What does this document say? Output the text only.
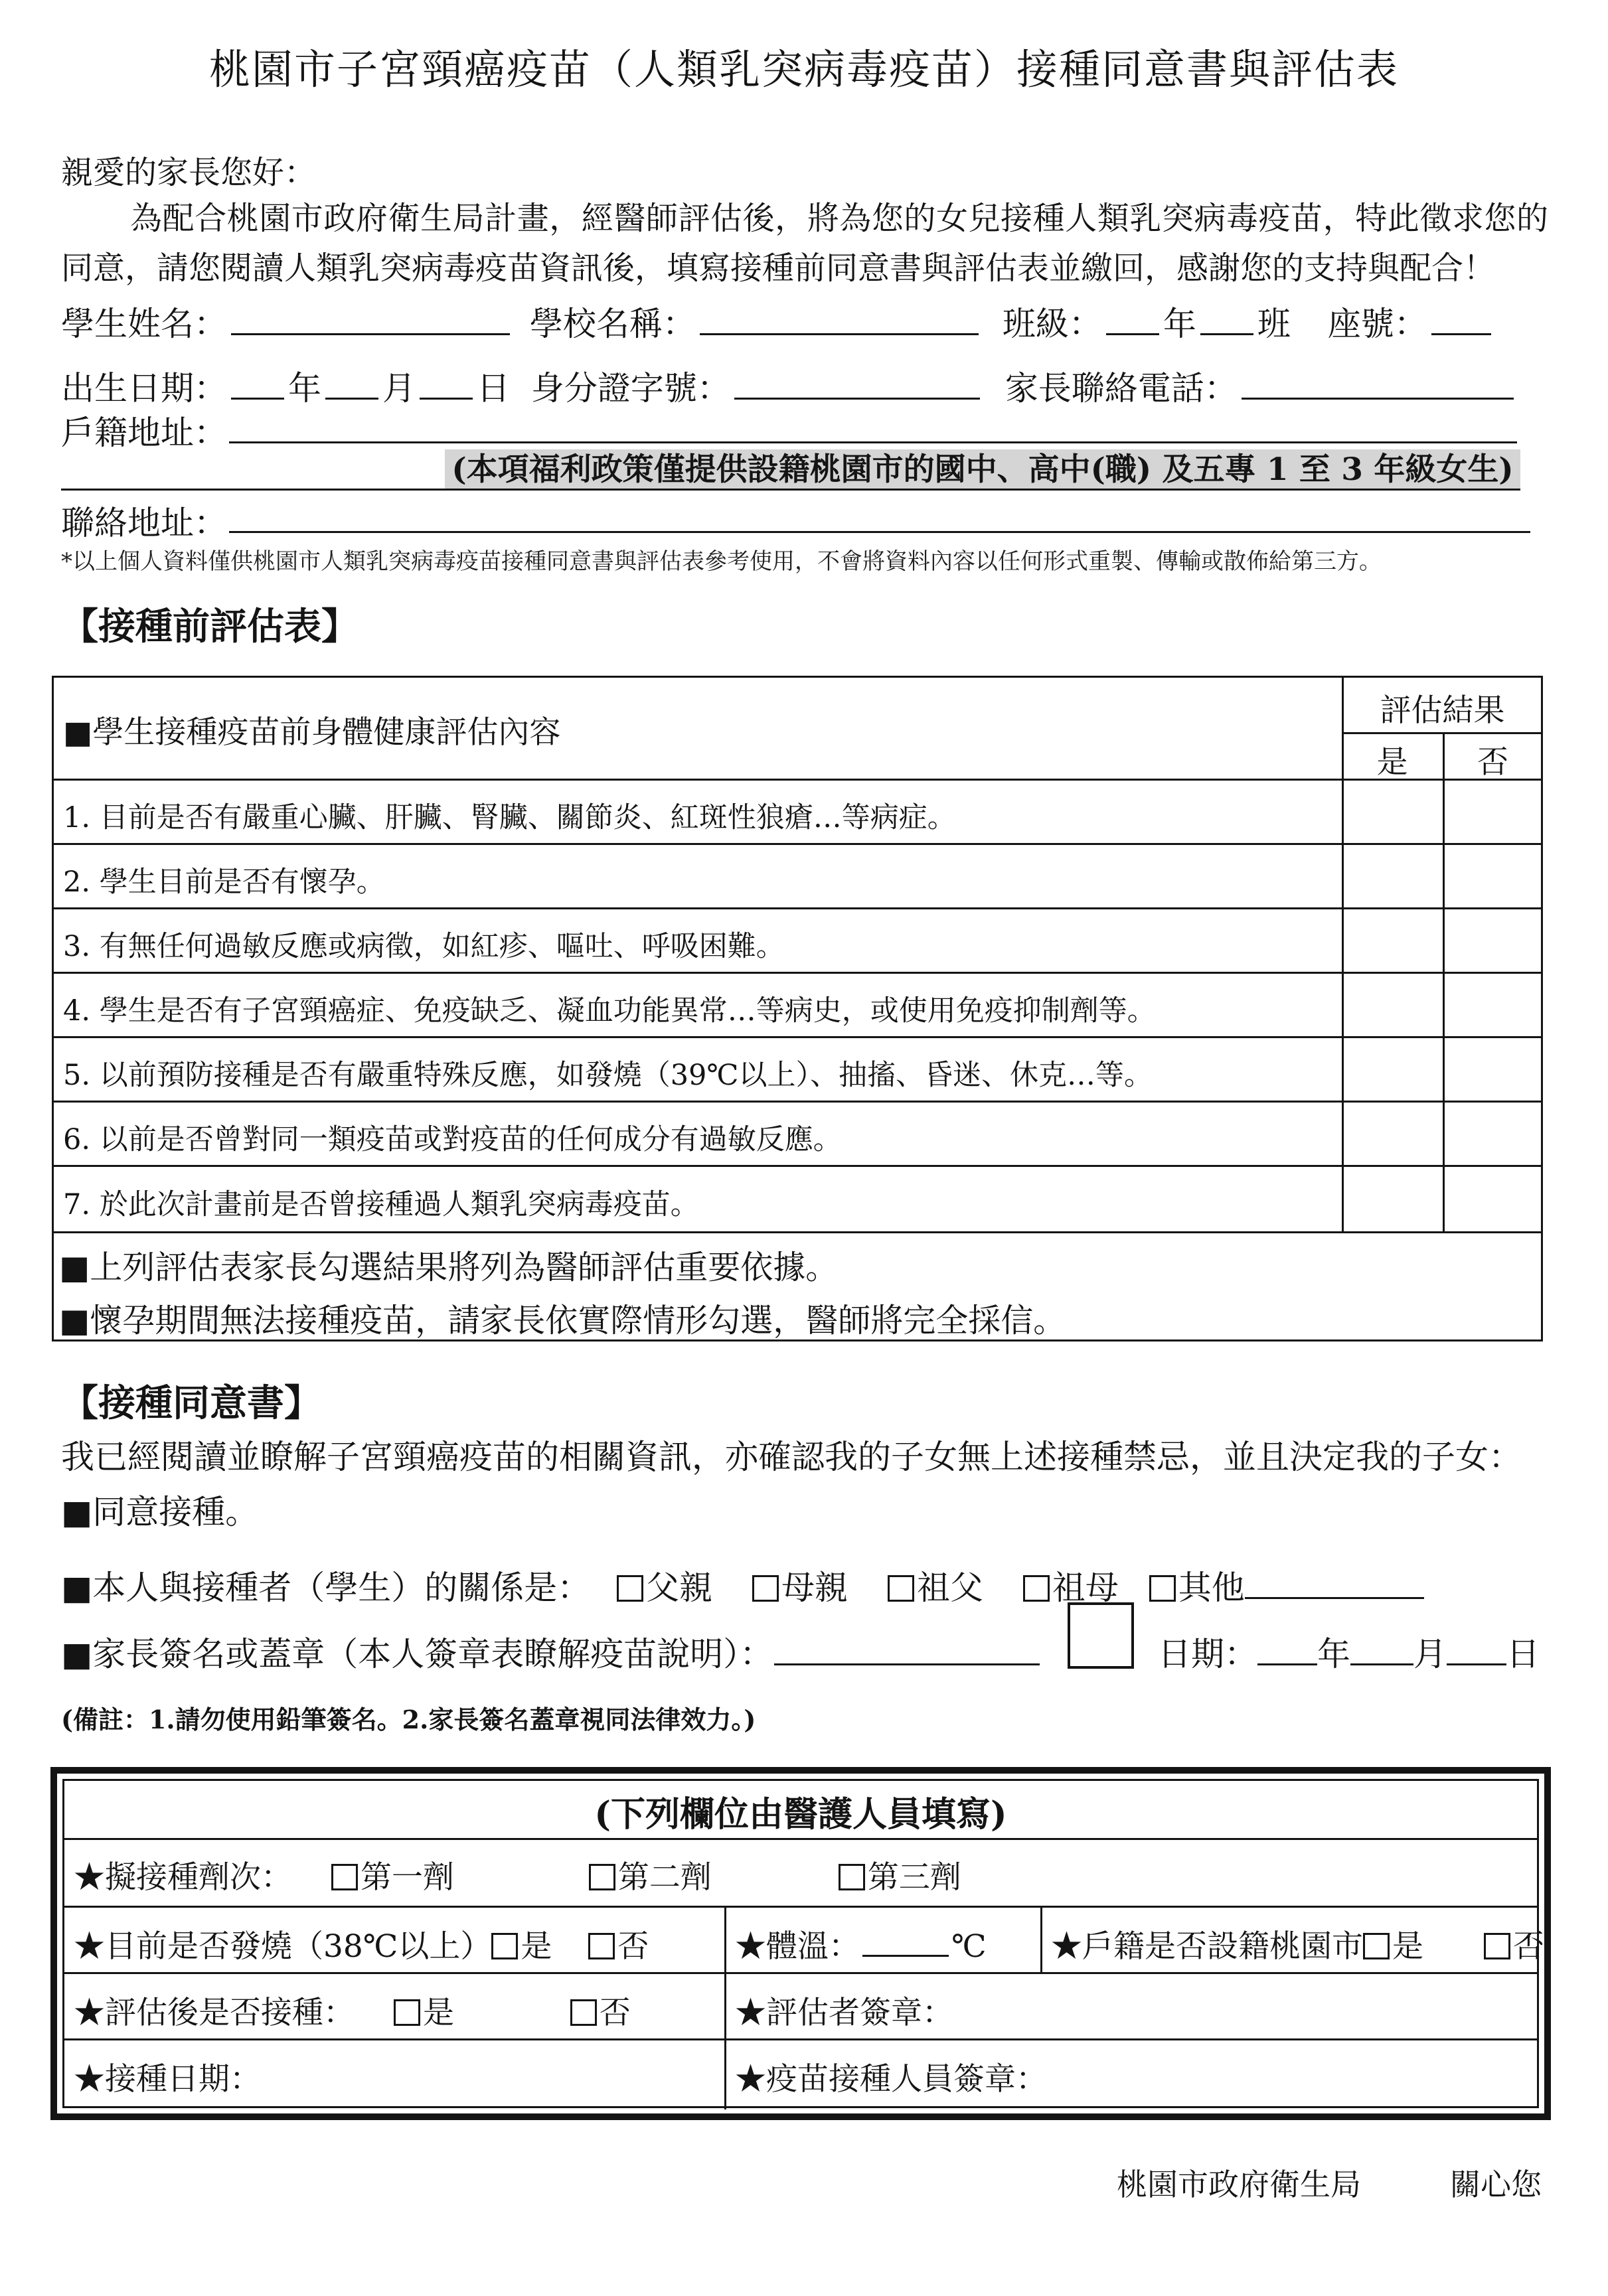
桃園市子宮頸癌疫苗（人類乳突病毒疫苗）接種同意書與評估表
親愛的家長您好：
為配合桃園市政府衛生局計畫，經醫師評估後，將為您的女兒接種人類乳突病毒疫苗，特此徵求您的同意，請您閱讀人類乳突病毒疫苗資訊後，填寫接種前同意書與評估表並繳回，感謝您的支持與配合！
學生姓名：	學校名稱：	班級： 年 班 座號：
出生日期： 年 月 日 身分證字號：	家長聯絡電話：
戶籍地址：
(本項福利政策僅提供設籍桃園市的國中、高中(職) 及五專 1 至 3 年級女生)
聯絡地址：
*以上個人資料僅供桃園市人類乳突病毒疫苗接種同意書與評估表參考使用，不會將資料內容以任何形式重製、傳輸或散佈給第三方。
【接種前評估表】
■學生接種疫苗前身體健康評估內容
評估結果
是	否
1. 目前是否有嚴重心臟、肝臟、腎臟、關節炎、紅斑性狼瘡…等病症。
2. 學生目前是否有懷孕。
3. 有無任何過敏反應或病徵，如紅疹、嘔吐、呼吸困難。
4. 學生是否有子宮頸癌症、免疫缺乏、凝血功能異常…等病史，或使用免疫抑制劑等。
5. 以前預防接種是否有嚴重特殊反應，如發燒（39℃以上）、抽搐、昏迷、休克…等。
6. 以前是否曾對同一類疫苗或對疫苗的任何成分有過敏反應。
7. 於此次計畫前是否曾接種過人類乳突病毒疫苗。
■上列評估表家長勾選結果將列為醫師評估重要依據。
■懷孕期間無法接種疫苗，請家長依實際情形勾選，醫師將完全採信。
【接種同意書】
我已經閱讀並瞭解子宮頸癌疫苗的相關資訊，亦確認我的子女無上述接種禁忌，並且決定我的子女：
■同意接種。
■本人與接種者（學生）的關係是： 父親 母親 祖父 祖母 其他
■家長簽名或蓋章（本人簽章表瞭解疫苗說明）：	日期： 年 月 日
(備註：1.請勿使用鉛筆簽名。2.家長簽名蓋章視同法律效力。)
(下列欄位由醫護人員填寫)
★擬接種劑次： 第一劑	第二劑	第三劑
★目前是否發燒（38℃以上） 是 否	★體溫：	℃ ★戶籍是否設籍桃園市 是	否
★評估後是否接種： 是	否	★評估者簽章：
★接種日期：	★疫苗接種人員簽章：
桃園市政府衛生局	關心您
